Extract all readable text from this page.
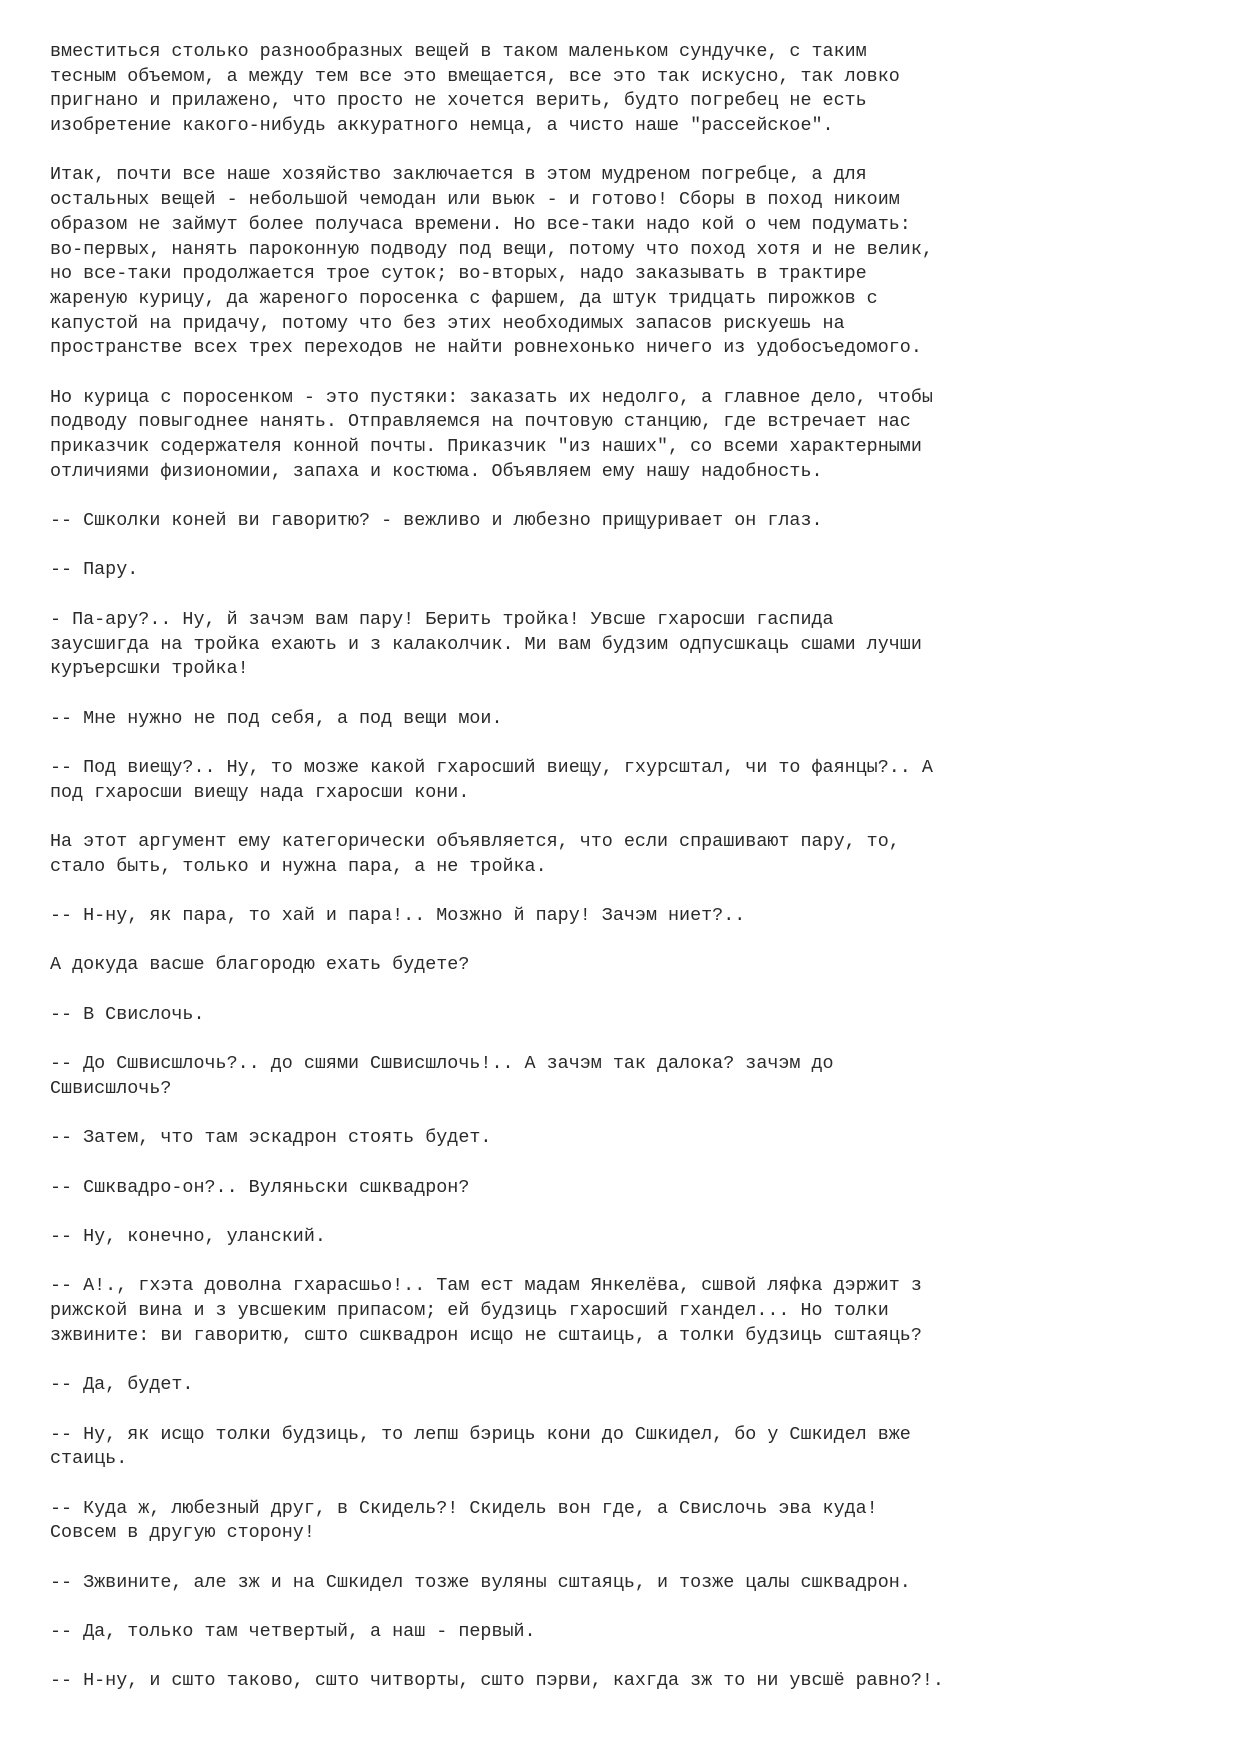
вместиться столько разнообразных вещей в таком маленьком сундучке, с таким
тесным объемом, а между тем все это вмещается, все это так искусно, так ловко
пригнано и прилажено, что просто не хочется верить, будто погребец не есть
изобретение какого-нибудь аккуратного немца, а чисто наше "рассейское".
Итак, почти все наше хозяйство заключается в этом мудреном погребце, а для
остальных вещей - небольшой чемодан или вьюк - и готово! Сборы в поход никоим
образом не займут более получаса времени. Но все-таки надо кой о чем подумать:
во-первых, нанять пароконную подводу под вещи, потому что поход хотя и не велик,
но все-таки продолжается трое суток; во-вторых, надо заказывать в трактире
жареную курицу, да жареного поросенка с фаршем, да штук тридцать пирожков с
капустой на придачу, потому что без этих необходимых запасов рискуешь на
пространстве всех трех переходов не найти ровнехонько ничего из удобосъедомого.
Но курица с поросенком - это пустяки: заказать их недолго, а главное дело, чтобы
подводу повыгоднее нанять. Отправляемся на почтовую станцию, где встречает нас
приказчик содержателя конной почты. Приказчик "из наших", со всеми характерными
отличиями физиономии, запаха и костюма. Объявляем ему нашу надобность.
-- Сшколки коней ви гаворитю? - вежливо и любезно прищуривает он глаз.
-- Пару.
- Па-ару?.. Ну, й зачэм вам пару! Берить тройка! Увсше гхаросши гаспида
заусшигда на тройка ехають и з калаколчик. Ми вам будзим одпусшкаць сшами лучши
куръерсшки тройка!
-- Мне нужно не под себя, а под вещи мои.
-- Под виещу?.. Ну, то мозже какой гхаросший виещу, гхурсштал, чи то фаянцы?.. А
под гхаросши виещу нада гхаросши кони.
На этот аргумент ему категорически объявляется, что если спрашивают пару, то,
стало быть, только и нужна пара, а не тройка.
-- Н-ну, як пара, то хай и пара!.. Мозжно й пару! Зачэм ниет?..
А докуда васше благородю ехать будете?
-- В Свислочь.
-- До Сшвисшлочь?.. до сшями Сшвисшлочь!.. А зачэм так далока? зачэм до
Сшвисшлочь?
-- Затем, что там эскадрон стоять будет.
-- Сшквадро-он?.. Вуляньски сшквадрон?
-- Ну, конечно, уланский.
-- А!., гхэта доволна гхарасшьо!.. Там ест мадам Янкелёва, сшвой ляфка дэржит з
рижской вина и з увсшеким припасом; ей будзиць гхаросший гхандел... Но толки
зжвините: ви гаворитю, сшто сшквадрон исщо не сштаиць, а толки будзиць сштаяць?
-- Да, будет.
-- Ну, як исщо толки будзиць, то лепш бэриць кони до Сшкидел, бо у Сшкидел вже
стаиць.
-- Куда ж, любезный друг, в Скидель?! Скидель вон где, а Свислочь эва куда!
Совсем в другую сторону!
-- Зжвините, але зж и на Сшкидел тозже вуляны сштаяць, и тозже цалы сшквадрон.
-- Да, только там четвертый, а наш - первый.
-- Н-ну, и сшто таково, сшто читворты, сшто пэрви, кахгда зж то ни увсшё равно?!.
